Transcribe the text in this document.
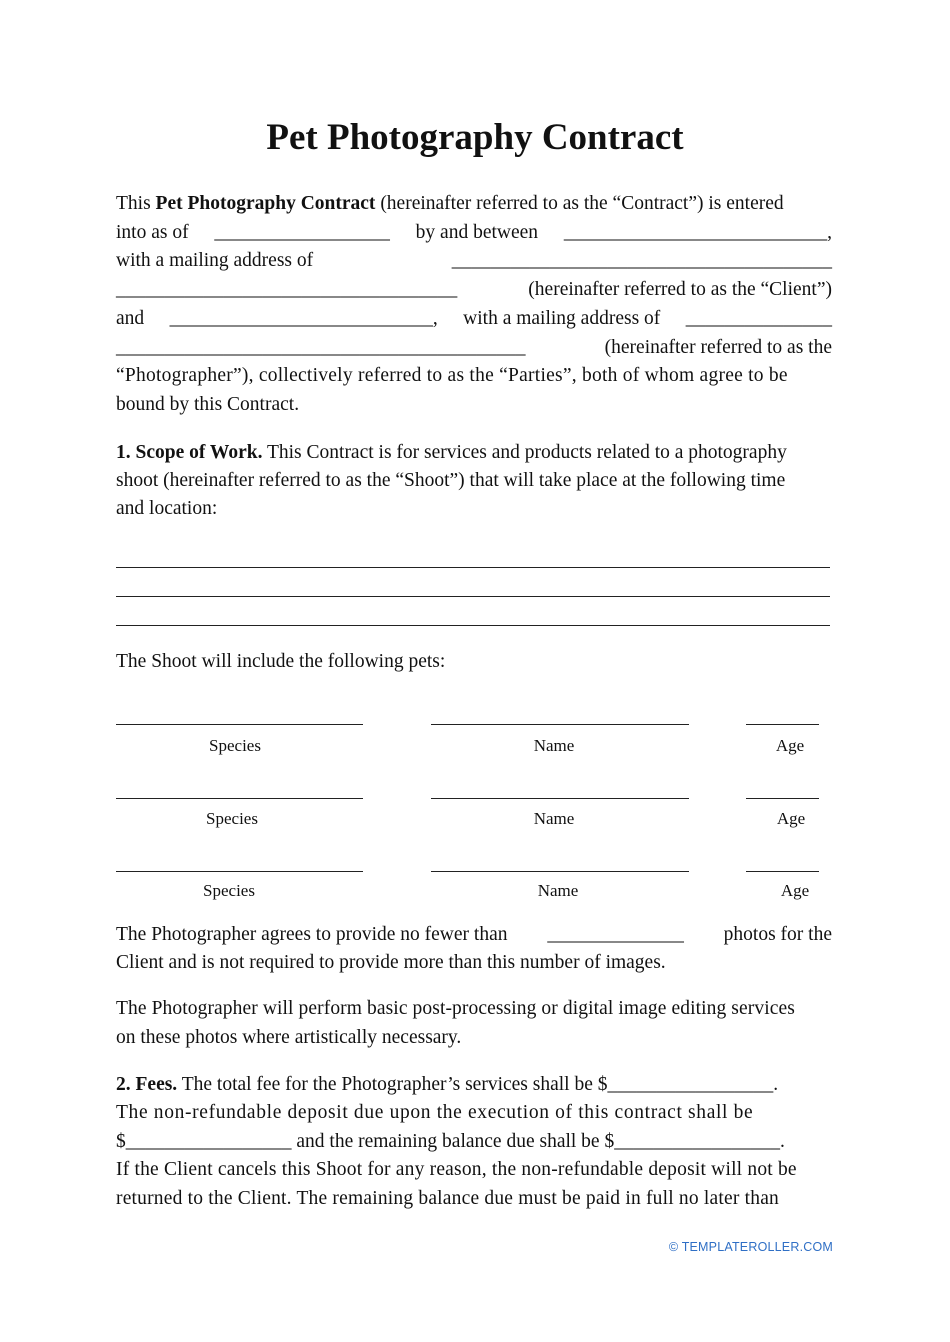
Pet Photography Contract
This Pet Photography Contract (hereinafter referred to as the “Contract”) is entered
into as of __________________ by and between ___________________________,
with a mailing address of	_______________________________________
___________________________________	(hereinafter referred to as the “Client”)
and ___________________________, with a mailing address of _______________
__________________________________________	(hereinafter referred to as the
“Photographer”), collectively referred to as the “Parties”, both of whom agree to be
bound by this Contract.
1. Scope of Work. This Contract is for services and products related to a photography
shoot (hereinafter referred to as the “Shoot”) that will take place at the following time
and location:
The Shoot will include the following pets:
Species	Name	Age
Species	Name	Age
Species	Name	Age
The Photographer agrees to provide no fewer than ______________ photos for the
Client and is not required to provide more than this number of images.
The Photographer will perform basic post-processing or digital image editing services
on these photos where artistically necessary.
2. Fees. The total fee for the Photographer’s services shall be $_________________.
The non-refundable deposit due upon the execution of this contract shall be
$_________________ and the remaining balance due shall be $_________________.
If the Client cancels this Shoot for any reason, the non-refundable deposit will not be
returned to the Client. The remaining balance due must be paid in full no later than
© TEMPLATEROLLER.COM
